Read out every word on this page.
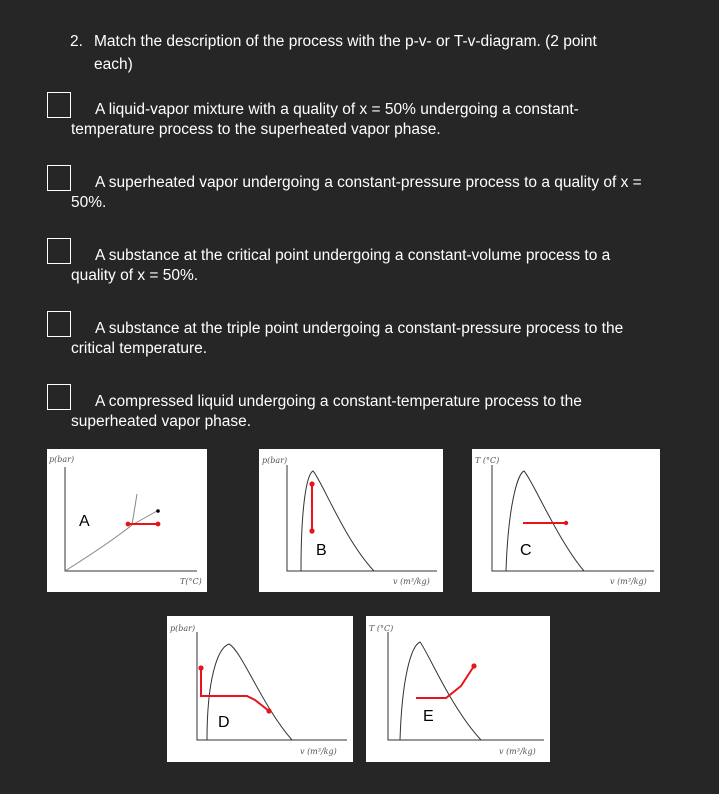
2. Match the description of the process with the p-v- or T-v-diagram. (2 point each)
A liquid-vapor mixture with a quality of x = 50% undergoing a constant-temperature process to the superheated vapor phase.
A superheated vapor undergoing a constant-pressure process to a quality of x = 50%.
A substance at the critical point undergoing a constant-volume process to a quality of x = 50%.
A substance at the triple point undergoing a constant-pressure process to the critical temperature.
A compressed liquid undergoing a constant-temperature process to the superheated vapor phase.
p(bar)
T(°C)
A
p(bar)
v (m³/kg)
B
T (°C)
v (m³/kg)
C
p(bar)
v (m³/kg)
D
T (°C)
v (m³/kg)
E
